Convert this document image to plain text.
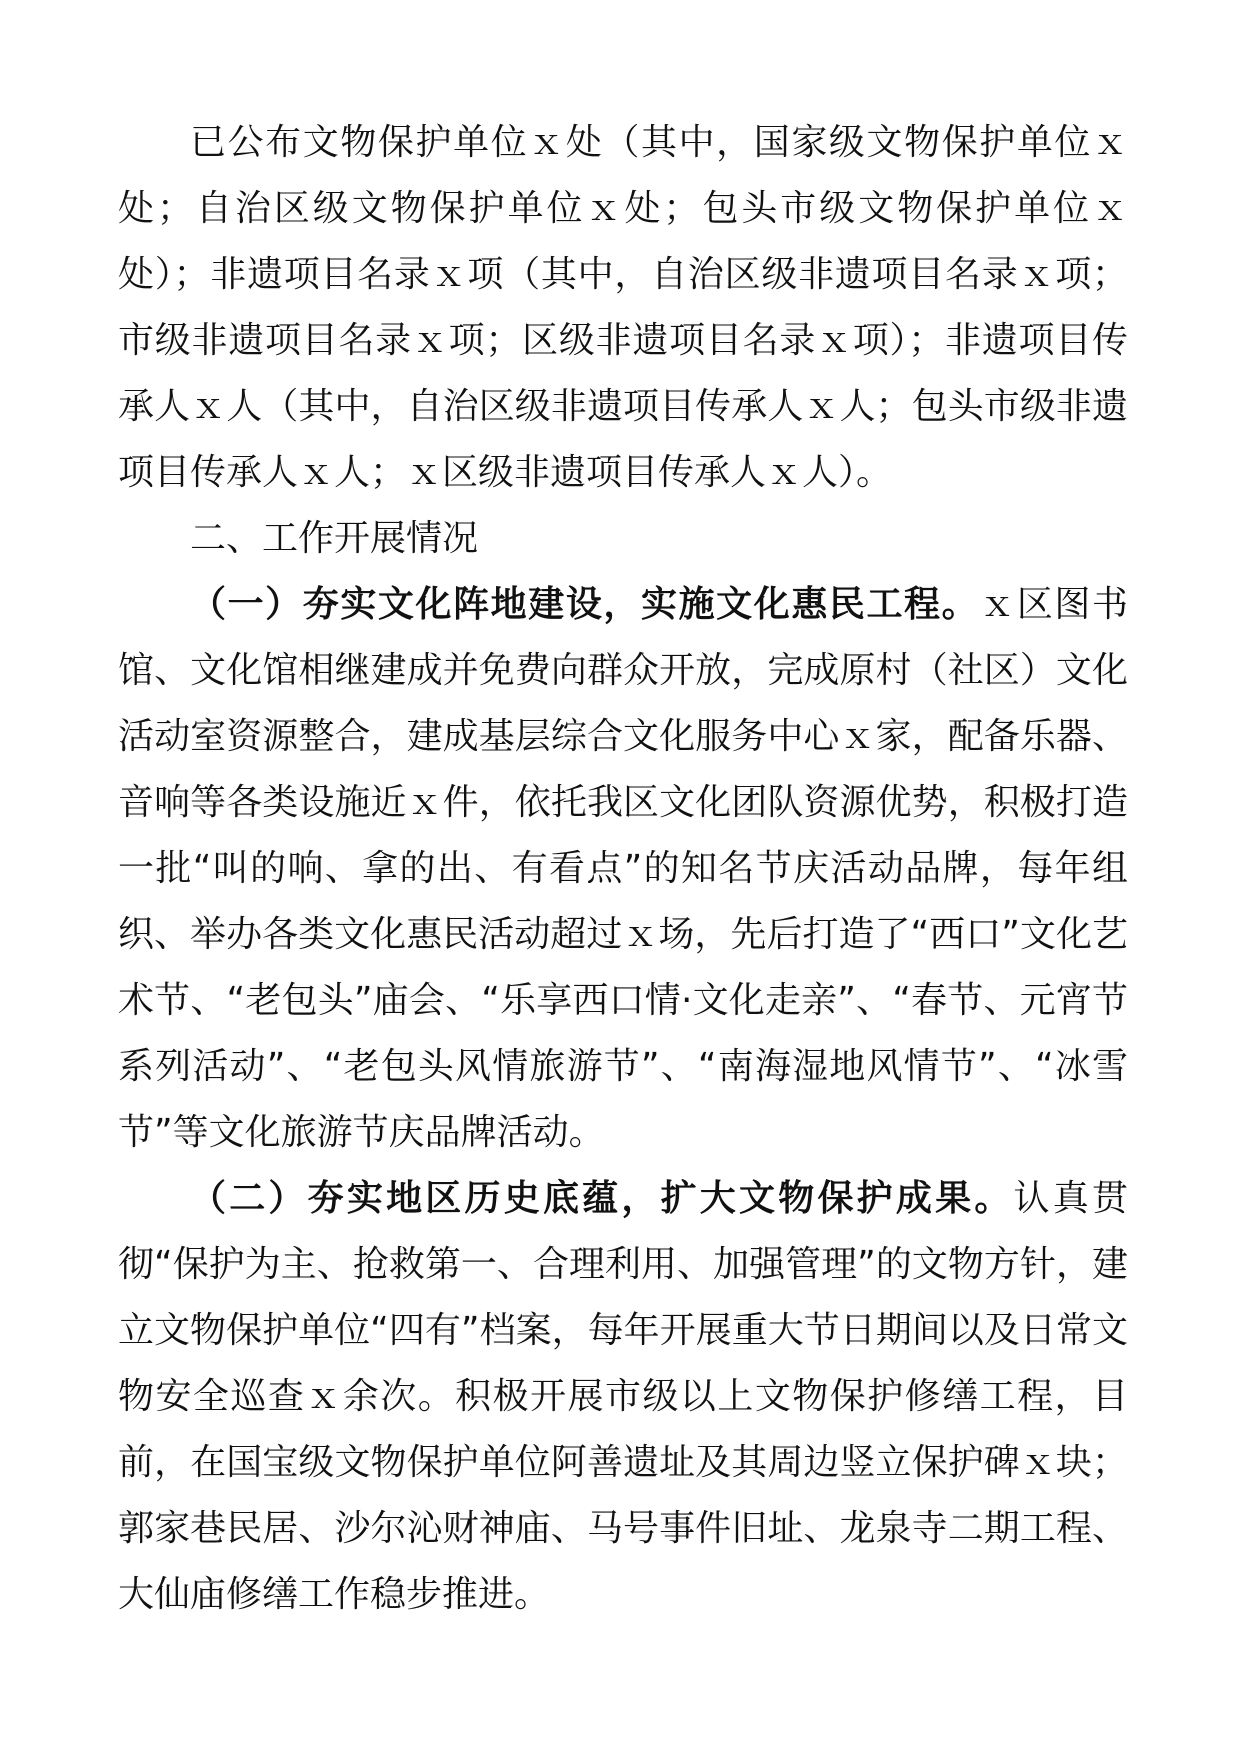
已公布文物保护单位ｘ处（其中，国家级文物保护单位ｘ处；自治区级文物保护单位ｘ处；包头市级文物保护单位ｘ处）；非遗项目名录ｘ项（其中，自治区级非遗项目名录ｘ项；市级非遗项目名录ｘ项；区级非遗项目名录ｘ项）；非遗项目传承人ｘ人（其中，自治区级非遗项目传承人ｘ人；包头市级非遗项目传承人ｘ人；ｘ区级非遗项目传承人ｘ人）。

二、工作开展情况

（一）夯实文化阵地建设，实施文化惠民工程。ｘ区图书馆、文化馆相继建成并免费向群众开放，完成原村（社区）文化活动室资源整合，建成基层综合文化服务中心ｘ家，配备乐器、音响等各类设施近ｘ件，依托我区文化团队资源优势，积极打造一批“叫的响、拿的出、有看点”的知名节庆活动品牌，每年组织、举办各类文化惠民活动超过ｘ场，先后打造了“西口”文化艺术节、“老包头”庙会、“乐享西口情·文化走亲”、“春节、元宵节系列活动”、“老包头风情旅游节”、“南海湿地风情节”、“冰雪节”等文化旅游节庆品牌活动。

（二）夯实地区历史底蕴，扩大文物保护成果。认真贯彻“保护为主、抢救第一、合理利用、加强管理”的文物方针，建立文物保护单位“四有”档案，每年开展重大节日期间以及日常文物安全巡查ｘ余次。积极开展市级以上文物保护修缮工程，目前，在国宝级文物保护单位阿善遗址及其周边竖立保护碑ｘ块；郭家巷民居、沙尔沁财神庙、马号事件旧址、龙泉寺二期工程、大仙庙修缮工作稳步推进。
